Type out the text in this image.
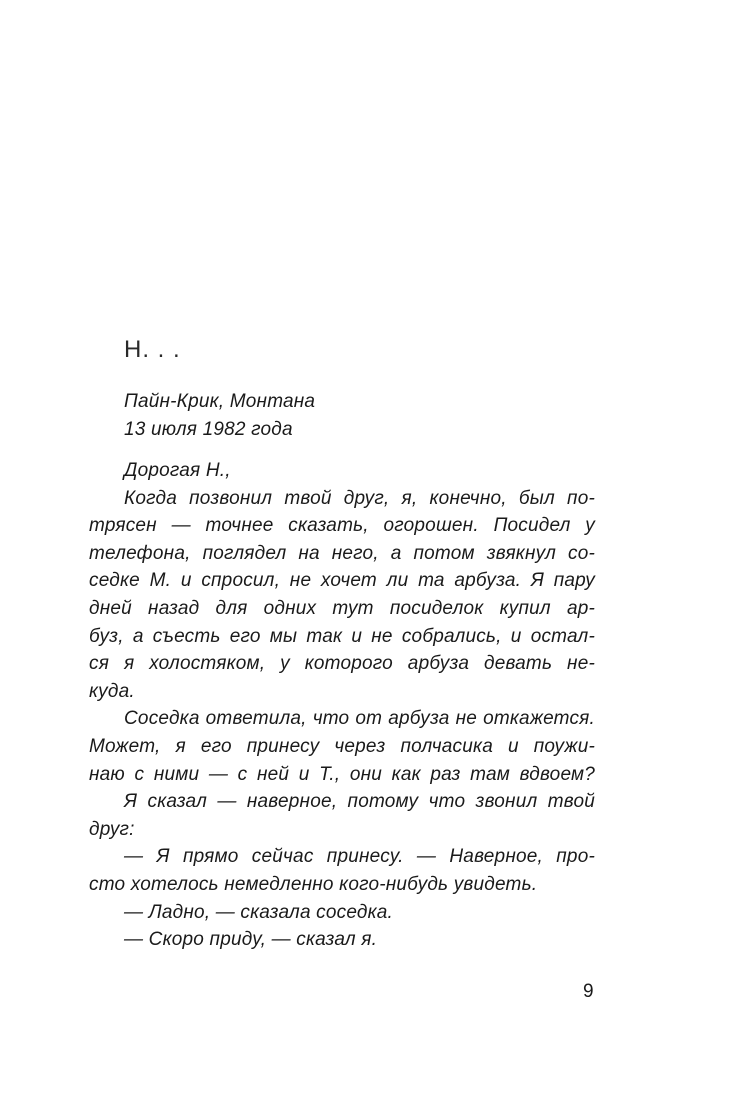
Н. . .
Пайн-Крик, Монтана
13 июля 1982 года
Дорогая Н.,
Когда позвонил твой друг, я, конечно, был по-
трясен — точнее сказать, огорошен. Посидел у
телефона, поглядел на него, а потом звякнул со-
седке М. и спросил, не хочет ли та арбуза. Я пару
дней назад для одних тут посиделок купил ар-
буз, а съесть его мы так и не собрались, и остал-
ся я холостяком, у которого арбуза девать не-
куда.
Соседка ответила, что от арбуза не откажется.
Может, я его принесу через полчасика и поужи-
наю с ними — с ней и Т., они как раз там вдвоем?
Я сказал — наверное, потому что звонил твой
друг:
— Я прямо сейчас принесу. — Наверное, про-
сто хотелось немедленно кого-нибудь увидеть.
— Ладно, — сказала соседка.
— Скоро приду, — сказал я.
9
